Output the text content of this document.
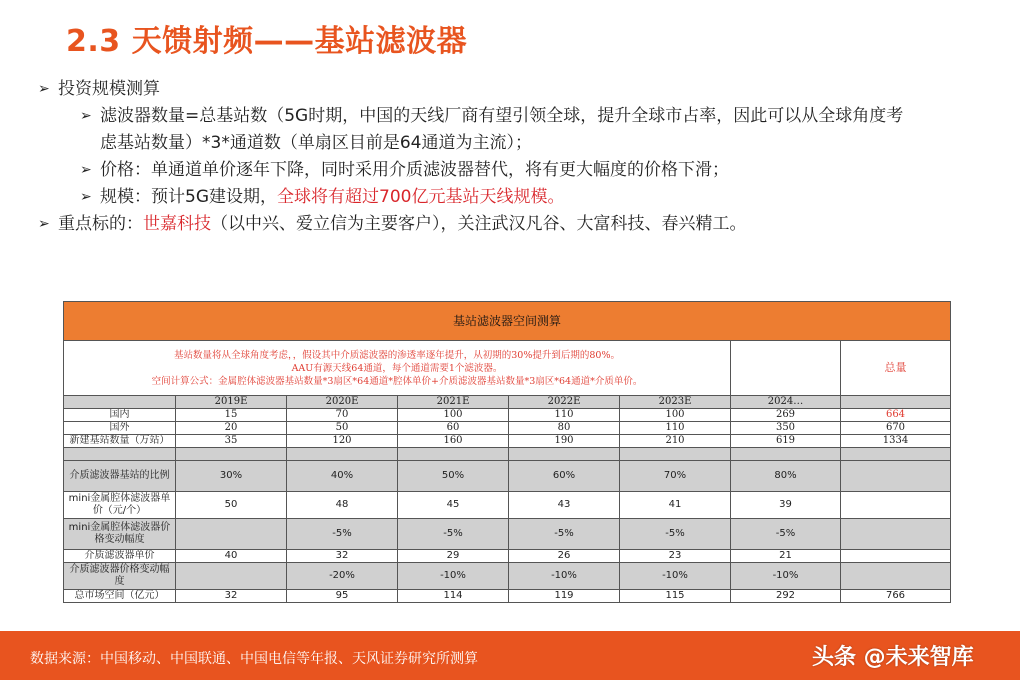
2.3 天馈射频——基站滤波器
➢ 投资规模测算
➢ 滤波器数量=总基站数（5G时期，中国的天线厂商有望引领全球，提升全球市占率，因此可以从全球角度考
虑基站数量）*3*通道数（单扇区目前是64通道为主流）；
➢ 价格：单通道单价逐年下降，同时采用介质滤波器替代，将有更大幅度的价格下滑；
➢ 规模：预计5G建设期，全球将有超过700亿元基站天线规模。
➢ 重点标的：世嘉科技（以中兴、爱立信为主要客户），关注武汉凡谷、大富科技、春兴精工。
基站滤波器空间测算							

基站数量将从全球角度考虑，，假设其中介质滤波器的渗透率逐年提升，从初期的30%提升到后期的80%。
AAU有源天线64通道，每个通道需要1个滤波器。
空间计算公式：金属腔体滤波器基站数量*3扇区*64通道*腔体单价+介质滤波器基站数量*3扇区*64通道*介质单价。							总量
	2019E	2020E	2021E	2022E	2023E	2024…	
国内	15	70	100	110	100	269	664
国外	20	50	60	80	110	350	670
新建基站数量（万站）	35	120	160	190	210	619	1334

介质滤波器基站的比例	30%	40%	50%	60%	70%	80%	
mini金属腔体滤波器单价（元/个）	50	48	45	43	41	39	
mini金属腔体滤波器价格变动幅度		-5%	-5%	-5%	-5%	-5%	
介质滤波器单价	40	32	29	26	23	21	
介质滤波器价格变动幅度		-20%	-10%	-10%	-10%	-10%	
总市场空间（亿元）	32	95	114	119	115	292	766
数据来源：中国移动、中国联通、中国电信等年报、天风证券研究所测算	头条 @未来智库
